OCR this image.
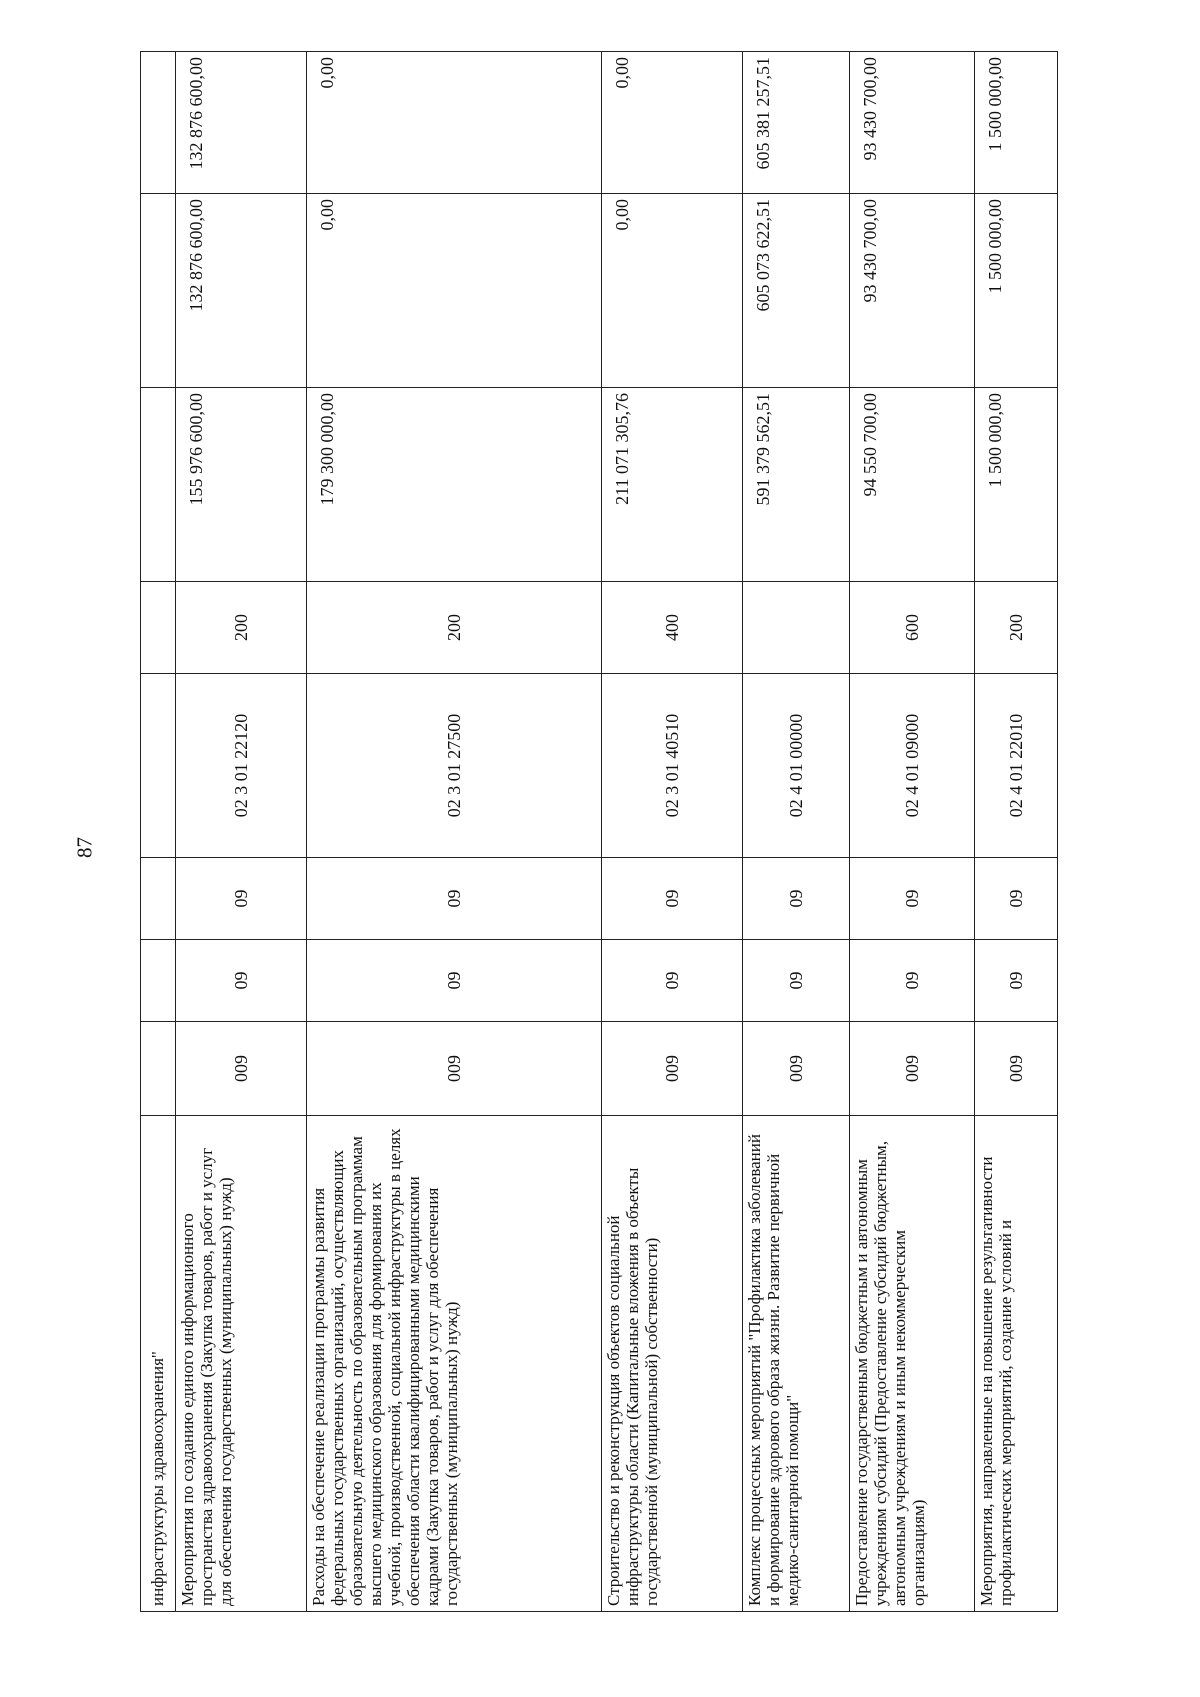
87
инфраструктуры здравоохранения"								
Мероприятия по созданию единого информационного пространства здравоохранения (Закупка товаров, работ и услуг для обеспечения государственных (муниципальных) нужд)	009	09	09	02 3 01 22120	200	155 976 600,00	132 876 600,00	132 876 600,00
Расходы на обеспечение реализации программы развития федеральных государственных организаций, осуществляющих образовательную деятельность по образовательным программам высшего медицинского образования для формирования их учебной, производственной, социальной инфраструктуры в целях обеспечения области квалифицированными медицинскими кадрами (Закупка товаров, работ и услуг для обеспечения государственных (муниципальных) нужд)	009	09	09	02 3 01 27500	200	179 300 000,00	0,00	0,00
Строительство и реконструкция объектов социальной инфраструктуры области (Капитальные вложения в объекты государственной (муниципальной) собственности)	009	09	09	02 3 01 40510	400	211 071 305,76	0,00	0,00
Комплекс процессных мероприятий "Профилактика заболеваний и формирование здорового образа жизни. Развитие первичной медико-санитарной помощи"	009	09	09	02 4 01 00000		591 379 562,51	605 073 622,51	605 381 257,51
Предоставление государственным бюджетным и автономным учреждениям субсидий (Предоставление субсидий бюджетным, автономным учреждениям и иным некоммерческим организациям)	009	09	09	02 4 01 09000	600	94 550 700,00	93 430 700,00	93 430 700,00
Мероприятия, направленные на повышение результативности профилактических мероприятий, создание условий и	009	09	09	02 4 01 22010	200	1 500 000,00	1 500 000,00	1 500 000,00
